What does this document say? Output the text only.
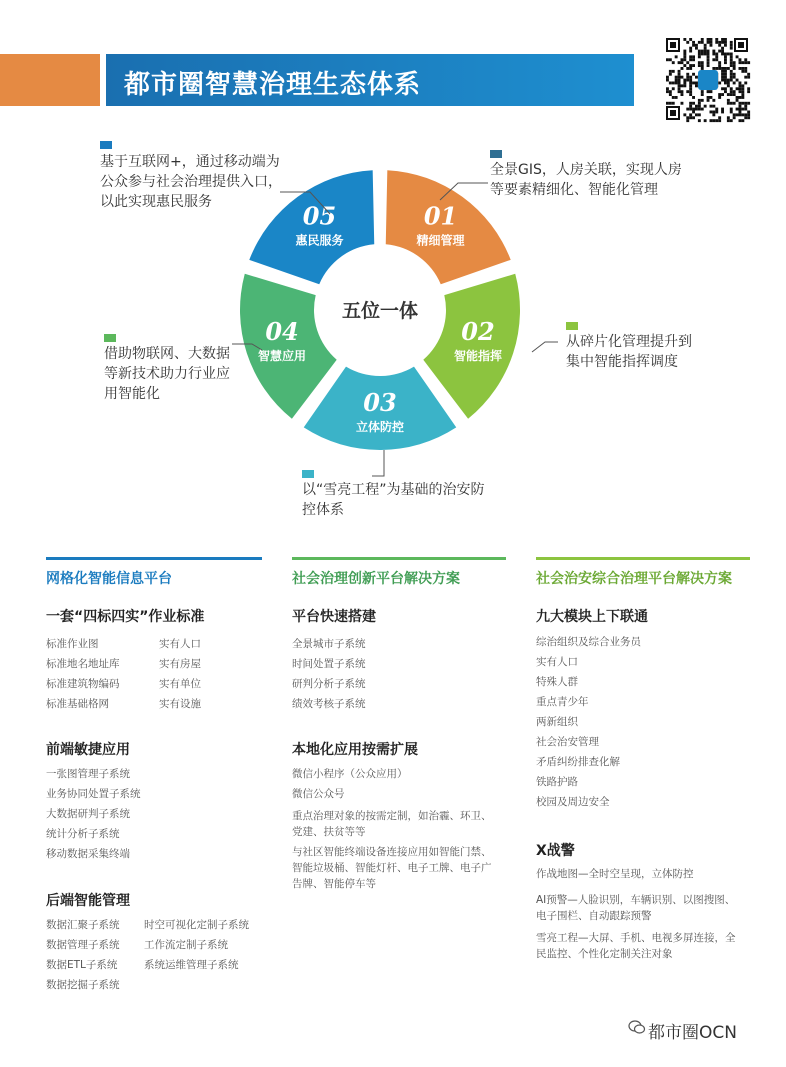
都市圈智慧治理生态体系
01
精细管理
02
智能指挥
03
立体防控
04
智慧应用
05
惠民服务
五位一体
基于互联网+，通过移动端为
公众参与社会治理提供入口，
以此实现惠民服务
全景GIS，人房关联，实现人房
等要素精细化、智能化管理
借助物联网、大数据
等新技术助力行业应
用智能化
从碎片化管理提升到
集中智能指挥调度
以“雪亮工程”为基础的治安防
控体系
网格化智能信息平台
一套“四标四实”作业标准
标准作业图
标准地名地址库
标准建筑物编码
标准基础格网
实有人口
实有房屋
实有单位
实有设施
前端敏捷应用
一张图管理子系统
业务协同处置子系统
大数据研判子系统
统计分析子系统
移动数据采集终端
后端智能管理
数据汇聚子系统
数据管理子系统
数据ETL子系统
数据挖掘子系统
时空可视化定制子系统
工作流定制子系统
系统运维管理子系统
社会治理创新平台解决方案
平台快速搭建
全景城市子系统
时间处置子系统
研判分析子系统
绩效考核子系统
本地化应用按需扩展
微信小程序（公众应用）
微信公众号
重点治理对象的按需定制，如治霾、环卫、
党建、扶贫等等
与社区智能终端设备连接应用如智能门禁、
智能垃圾桶、智能灯杆、电子工牌、电子广
告牌、智能停车等
社会治安综合治理平台解决方案
九大模块上下联通
综治组织及综合业务员
实有人口
特殊人群
重点青少年
两新组织
社会治安管理
矛盾纠纷排查化解
铁路护路
校园及周边安全
X战警
作战地图—全时空呈现，立体防控
AI预警—人脸识别，车辆识别、以图搜图、
电子围栏、自动跟踪预警
雪亮工程—大屏、手机、电视多屏连接，全
民监控、个性化定制关注对象
都市圈OCN
